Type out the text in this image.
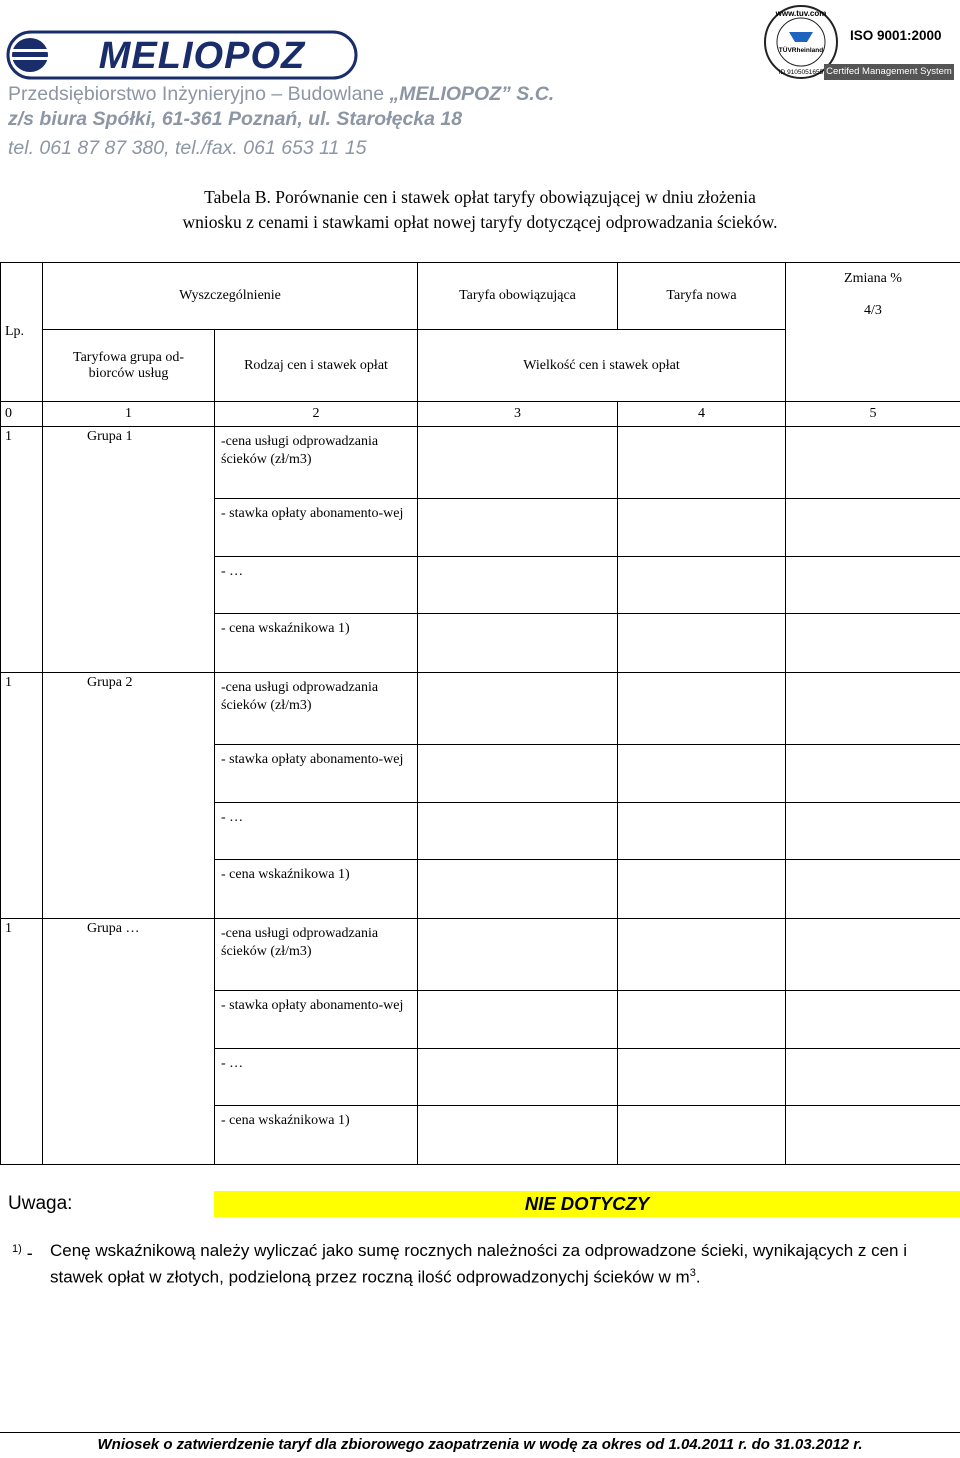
MELIOPOZ
Przedsiębiorstwo Inżynieryjno – Budowlane „MELIOPOZ” S.C.
z/s biura Spółki, 61-361 Poznań, ul. Starołęcka 18
tel. 061 87 87 380, tel./fax. 061 653 11 15
www.tuv.com
TÜVRheinland
ID 9105051655
ISO 9001:2000
Certifed Management System
Tabela B. Porównanie cen i stawek opłat taryfy obowiązującej w dniu złożenia
wniosku z cenami i stawkami opłat nowej taryfy dotyczącej odprowadzania ścieków.
Lp.	Wyszczególnienie		Taryfa obowiązująca	Taryfa nowa	Zmiana %
4/3

	Taryfowa grupa od-biorców usług	Rodzaj cen i stawek opłat	Wielkość cen i stawek opłat		
0	1	2	3	4	5
1	Grupa 1	-cena usługi odprowadzania ścieków (zł/m3)			
		- stawka opłaty abonamento-wej			
		- …			
		- cena wskaźnikowa 1)			
1	Grupa 2	-cena usługi odprowadzania ścieków (zł/m3)			
		- stawka opłaty abonamento-wej			
		- …			
		- cena wskaźnikowa 1)			
1	Grupa …	-cena usługi odprowadzania ścieków (zł/m3)			
		- stawka opłaty abonamento-wej			
		- …			
		- cena wskaźnikowa 1)			
Uwaga:	NIE DOTYCZY
$^{1)}$ - Cenę wskaźnikową należy wyliczać jako sumę rocznych należności za odprowadzone ścieki, wynikających z cen i stawek opłat w złotych, podzieloną przez roczną ilość odprowadzonychj ścieków w $m^3$.
Wniosek o zatwierdzenie taryf dla zbiorowego zaopatrzenia w wodę za okres od 1.04.2011 r. do 31.03.2012 r.
